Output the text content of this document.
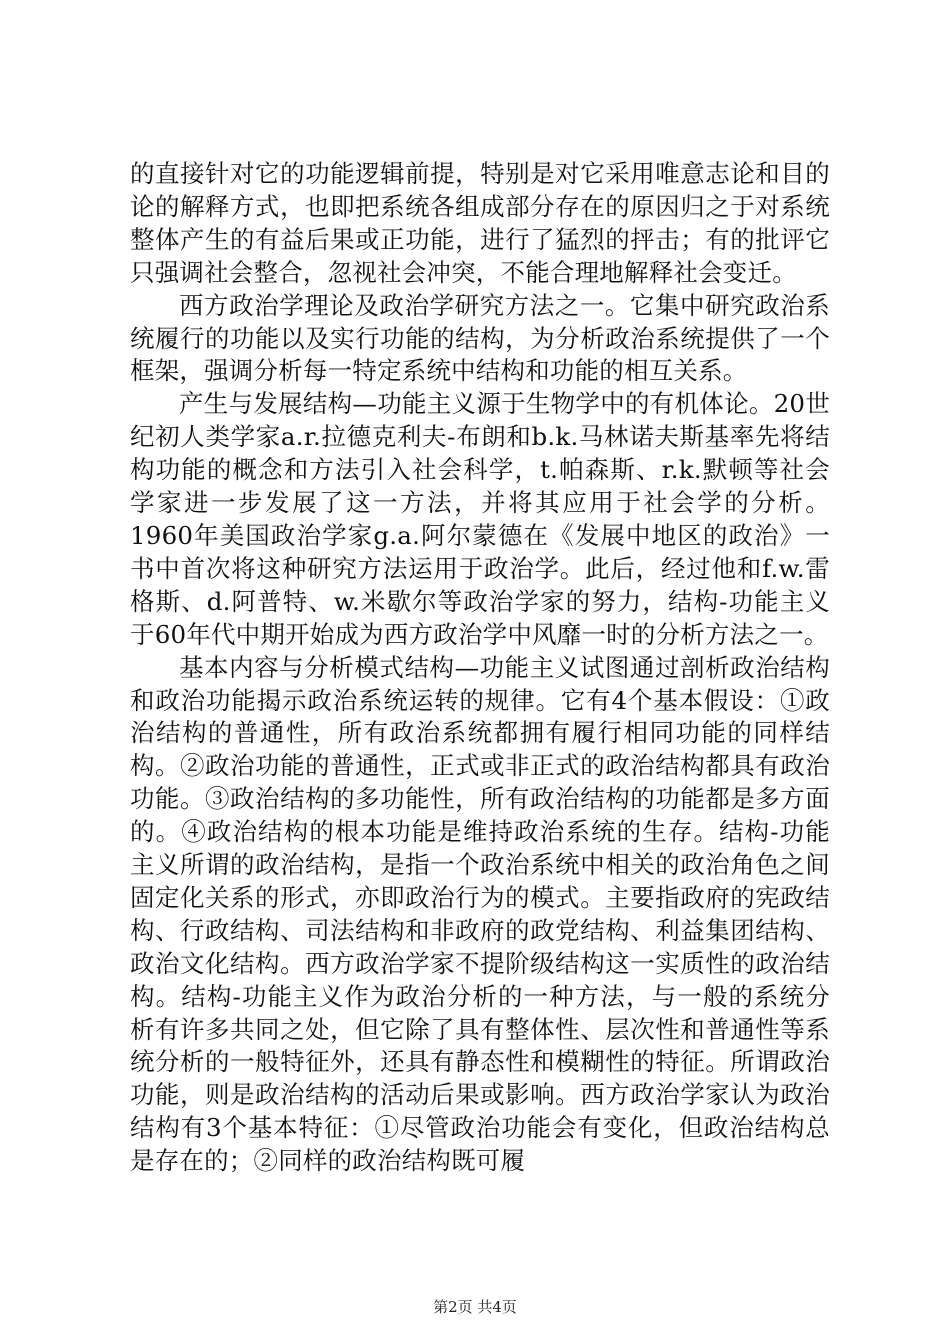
的直接针对它的功能逻辑前提，特别是对它采用唯意志论和目的论的解释方式，也即把系统各组成部分存在的原因归之于对系统整体产生的有益后果或正功能，进行了猛烈的抨击；有的批评它只强调社会整合，忽视社会冲突，不能合理地解释社会变迁。

西方政治学理论及政治学研究方法之一。它集中研究政治系统履行的功能以及实行功能的结构，为分析政治系统提供了一个框架，强调分析每一特定系统中结构和功能的相互关系。

产生与发展结构—功能主义源于生物学中的有机体论。20世纪初人类学家a.r.拉德克利夫-布朗和b.k.马林诺夫斯基率先将结构功能的概念和方法引入社会科学，t.帕森斯、r.k.默顿等社会学家进一步发展了这一方法，并将其应用于社会学的分析。1960年美国政治学家g.a.阿尔蒙德在《发展中地区的政治》一书中首次将这种研究方法运用于政治学。此后，经过他和f.w.雷格斯、d.阿普特、w.米歇尔等政治学家的努力，结构-功能主义于60年代中期开始成为西方政治学中风靡一时的分析方法之一。

基本内容与分析模式结构—功能主义试图通过剖析政治结构和政治功能揭示政治系统运转的规律。它有4个基本假设：①政治结构的普通性，所有政治系统都拥有履行相同功能的同样结构。②政治功能的普通性，正式或非正式的政治结构都具有政治功能。③政治结构的多功能性，所有政治结构的功能都是多方面的。④政治结构的根本功能是维持政治系统的生存。结构-功能主义所谓的政治结构，是指一个政治系统中相关的政治角色之间固定化关系的形式，亦即政治行为的模式。主要指政府的宪政结构、行政结构、司法结构和非政府的政党结构、利益集团结构、政治文化结构。西方政治学家不提阶级结构这一实质性的政治结构。结构-功能主义作为政治分析的一种方法，与一般的系统分析有许多共同之处，但它除了具有整体性、层次性和普通性等系统分析的一般特征外，还具有静态性和模糊性的特征。所谓政治功能，则是政治结构的活动后果或影响。西方政治学家认为政治结构有3个基本特征：①尽管政治功能会有变化，但政治结构总是存在的；②同样的政治结构既可履

第2页 共4页
